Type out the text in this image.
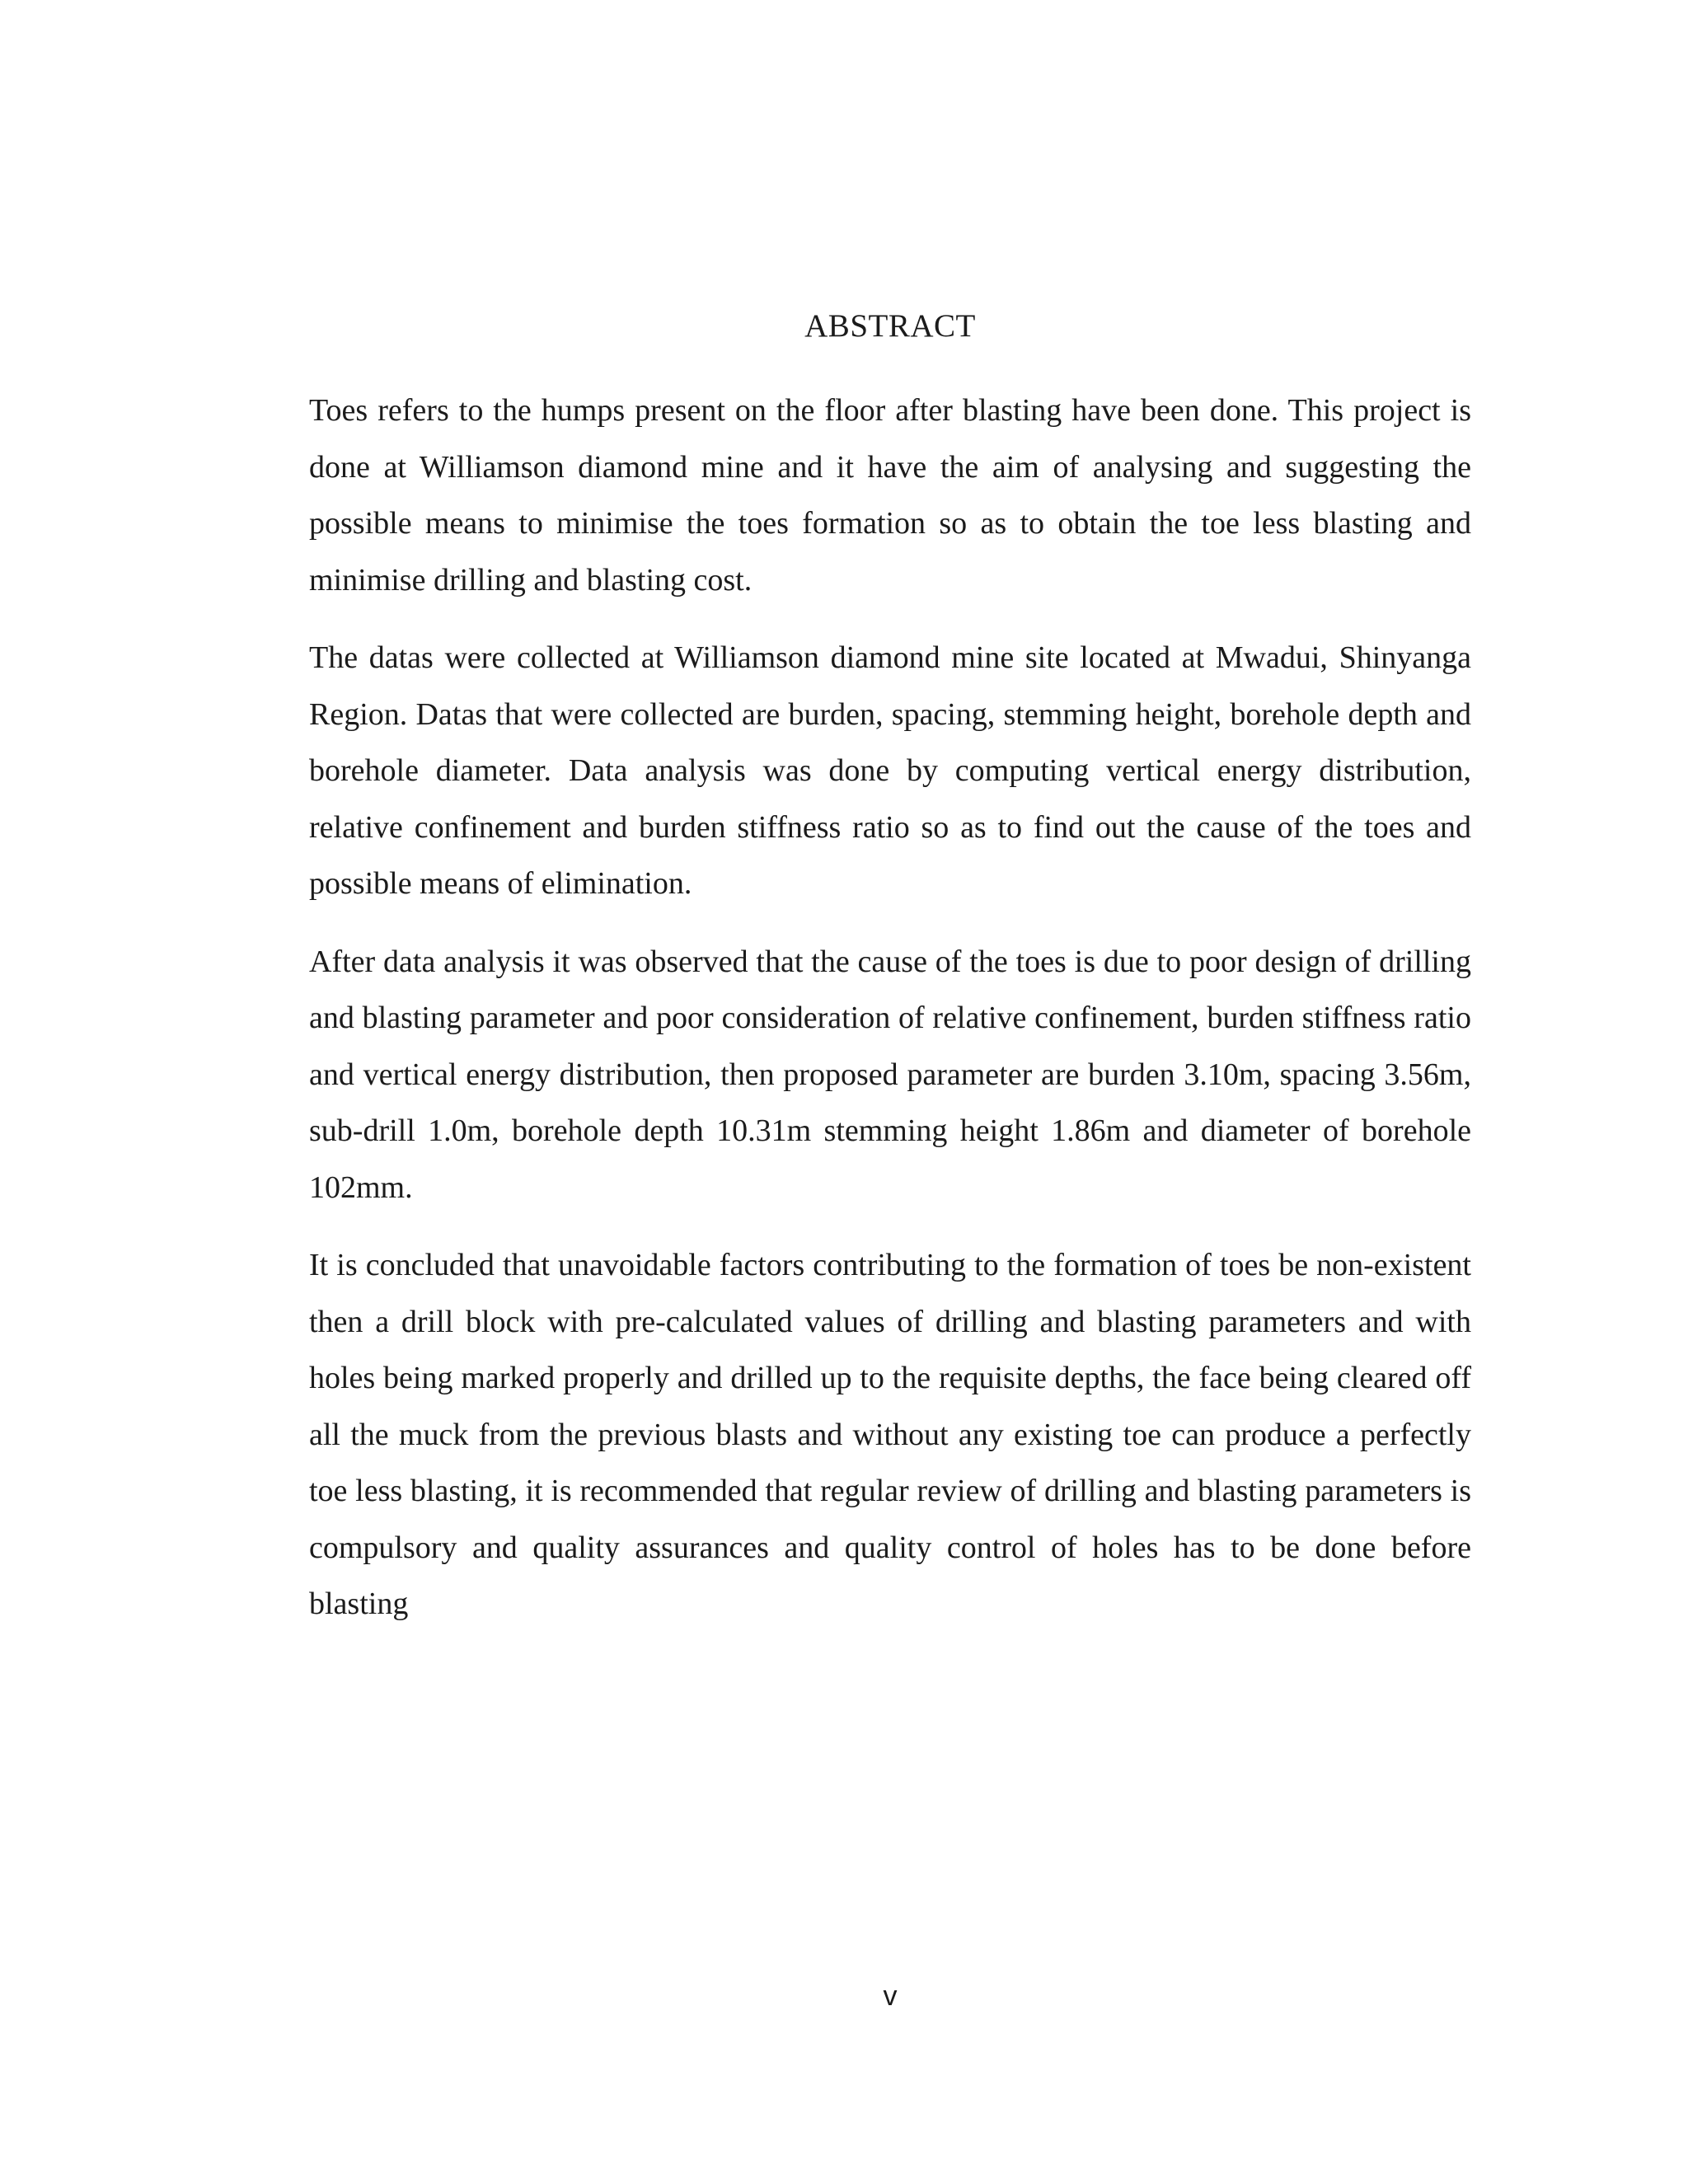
ABSTRACT

Toes refers to the humps present on the floor after blasting have been done. This project is done at Williamson diamond mine and it have the aim of analysing and suggesting the possible means to minimise the toes formation so as to obtain the toe less blasting and minimise drilling and blasting cost.

The datas were collected at Williamson diamond mine site located at Mwadui, Shinyanga Region. Datas that were collected are burden, spacing, stemming height, borehole depth and borehole diameter. Data analysis was done by computing vertical energy distribution, relative confinement and burden stiffness ratio so as to find out the cause of the toes and possible means of elimination.

After data analysis it was observed that the cause of the toes is due to poor design of drilling and blasting parameter and poor consideration of relative confinement, burden stiffness ratio and vertical energy distribution, then proposed parameter are burden 3.10m, spacing 3.56m, sub-drill 1.0m, borehole depth 10.31m stemming height 1.86m and diameter of borehole 102mm.

It is concluded that unavoidable factors contributing to the formation of toes be non-existent then a drill block with pre-calculated values of drilling and blasting parameters and with holes being marked properly and drilled up to the requisite depths, the face being cleared off all the muck from the previous blasts and without any existing toe can produce a perfectly toe less blasting, it is recommended that regular review of drilling and blasting parameters is compulsory and quality assurances and quality control of holes has to be done before blasting

v
